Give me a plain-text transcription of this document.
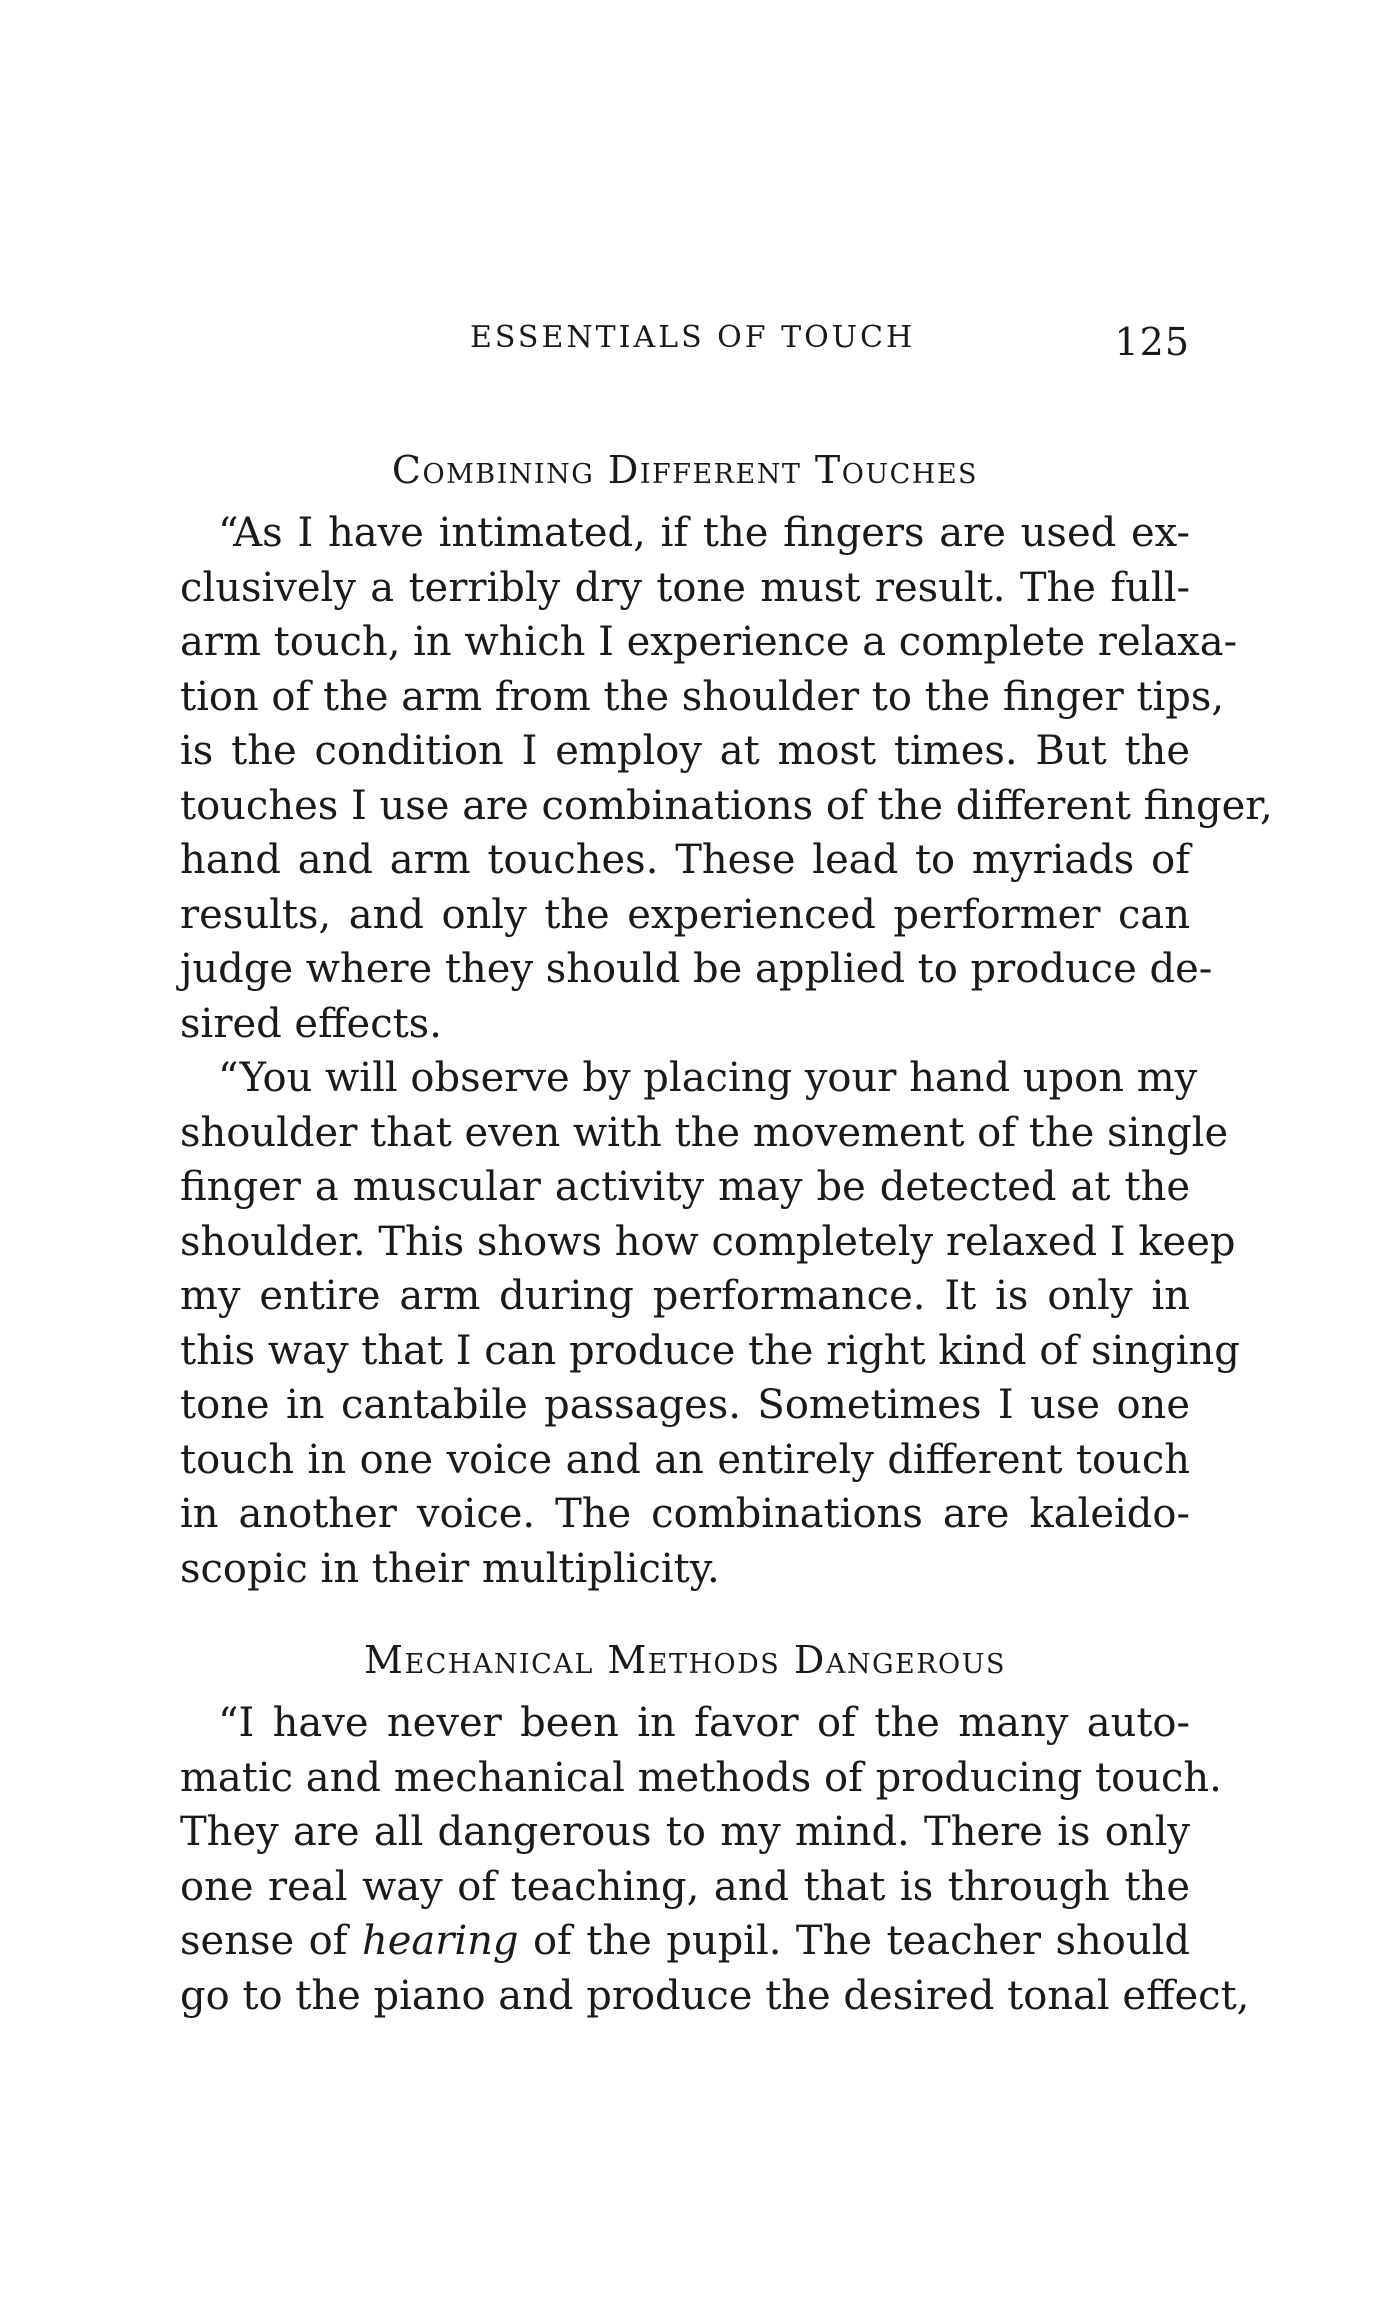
ESSENTIALS OF TOUCH	125
Combining Different Touches
“As I have intimated, if the fingers are used ex-
clusively a terribly dry tone must result. The full-
arm touch, in which I experience a complete relaxa-
tion of the arm from the shoulder to the finger tips,
is the condition I employ at most times. But the
touches I use are combinations of the different finger,
hand and arm touches. These lead to myriads of
results, and only the experienced performer can
judge where they should be applied to produce de-
sired effects.
“You will observe by placing your hand upon my
shoulder that even with the movement of the single
finger a muscular activity may be detected at the
shoulder. This shows how completely relaxed I keep
my entire arm during performance. It is only in
this way that I can produce the right kind of singing
tone in cantabile passages. Sometimes I use one
touch in one voice and an entirely different touch
in another voice. The combinations are kaleido-
scopic in their multiplicity.
Mechanical Methods Dangerous
“I have never been in favor of the many auto-
matic and mechanical methods of producing touch.
They are all dangerous to my mind. There is only
one real way of teaching, and that is through the
sense of hearing of the pupil. The teacher should
go to the piano and produce the desired tonal effect,
